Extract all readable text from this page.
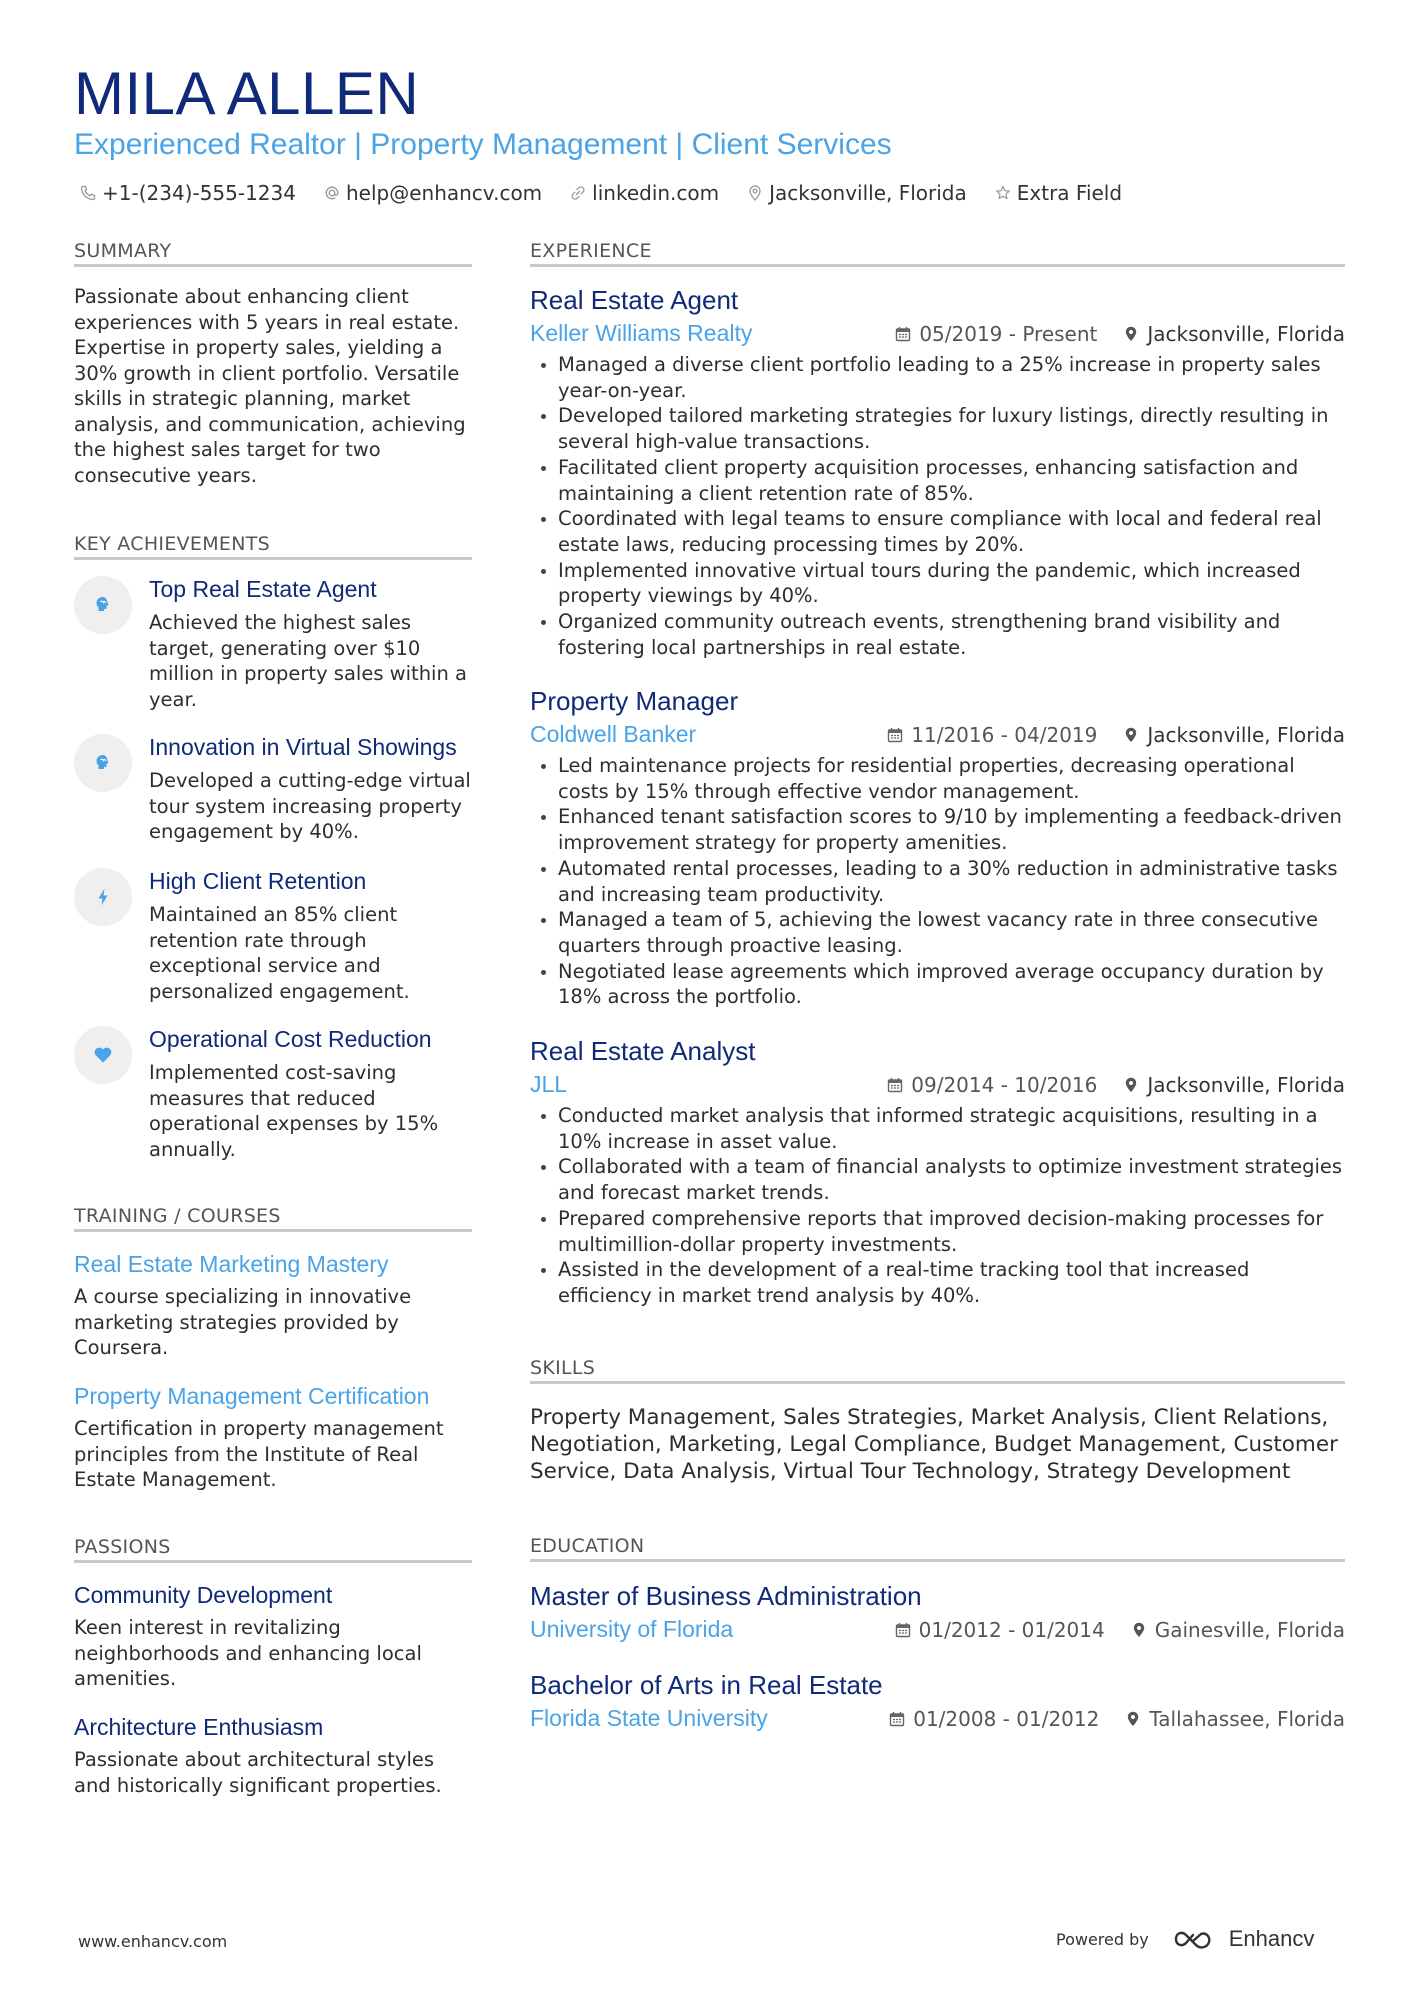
MILA ALLEN
Experienced Realtor | Property Management | Client Services
+1-(234)-555-1234	help@enhancv.com	linkedin.com	Jacksonville, Florida	Extra Field
SUMMARY
Passionate about enhancing client experiences with 5 years in real estate. Expertise in property sales, yielding a 30% growth in client portfolio. Versatile skills in strategic planning, market analysis, and communication, achieving the highest sales target for two consecutive years.
KEY ACHIEVEMENTS
Top Real Estate Agent
Achieved the highest sales target, generating over $10 million in property sales within a year.
Innovation in Virtual Showings
Developed a cutting-edge virtual tour system increasing property engagement by 40%.
High Client Retention
Maintained an 85% client retention rate through exceptional service and personalized engagement.
Operational Cost Reduction
Implemented cost-saving measures that reduced operational expenses by 15% annually.
TRAINING / COURSES
Real Estate Marketing Mastery
A course specializing in innovative marketing strategies provided by Coursera.
Property Management Certification
Certification in property management principles from the Institute of Real Estate Management.
PASSIONS
Community Development
Keen interest in revitalizing neighborhoods and enhancing local amenities.
Architecture Enthusiasm
Passionate about architectural styles and historically significant properties.
EXPERIENCE
Real Estate Agent
Keller Williams Realty	05/2019 - Present	Jacksonville, Florida
Managed a diverse client portfolio leading to a 25% increase in property sales year-on-year.
Developed tailored marketing strategies for luxury listings, directly resulting in several high-value transactions.
Facilitated client property acquisition processes, enhancing satisfaction and maintaining a client retention rate of 85%.
Coordinated with legal teams to ensure compliance with local and federal real estate laws, reducing processing times by 20%.
Implemented innovative virtual tours during the pandemic, which increased property viewings by 40%.
Organized community outreach events, strengthening brand visibility and fostering local partnerships in real estate.
Property Manager
Coldwell Banker	11/2016 - 04/2019	Jacksonville, Florida
Led maintenance projects for residential properties, decreasing operational costs by 15% through effective vendor management.
Enhanced tenant satisfaction scores to 9/10 by implementing a feedback-driven improvement strategy for property amenities.
Automated rental processes, leading to a 30% reduction in administrative tasks and increasing team productivity.
Managed a team of 5, achieving the lowest vacancy rate in three consecutive quarters through proactive leasing.
Negotiated lease agreements which improved average occupancy duration by 18% across the portfolio.
Real Estate Analyst
JLL	09/2014 - 10/2016	Jacksonville, Florida
Conducted market analysis that informed strategic acquisitions, resulting in a 10% increase in asset value.
Collaborated with a team of financial analysts to optimize investment strategies and forecast market trends.
Prepared comprehensive reports that improved decision-making processes for multimillion-dollar property investments.
Assisted in the development of a real-time tracking tool that increased efficiency in market trend analysis by 40%.
SKILLS
Property Management, Sales Strategies, Market Analysis, Client Relations, Negotiation, Marketing, Legal Compliance, Budget Management, Customer Service, Data Analysis, Virtual Tour Technology, Strategy Development
EDUCATION
Master of Business Administration
University of Florida	01/2012 - 01/2014	Gainesville, Florida
Bachelor of Arts in Real Estate
Florida State University	01/2008 - 01/2012	Tallahassee, Florida
www.enhancv.com	Powered by	Enhancv
